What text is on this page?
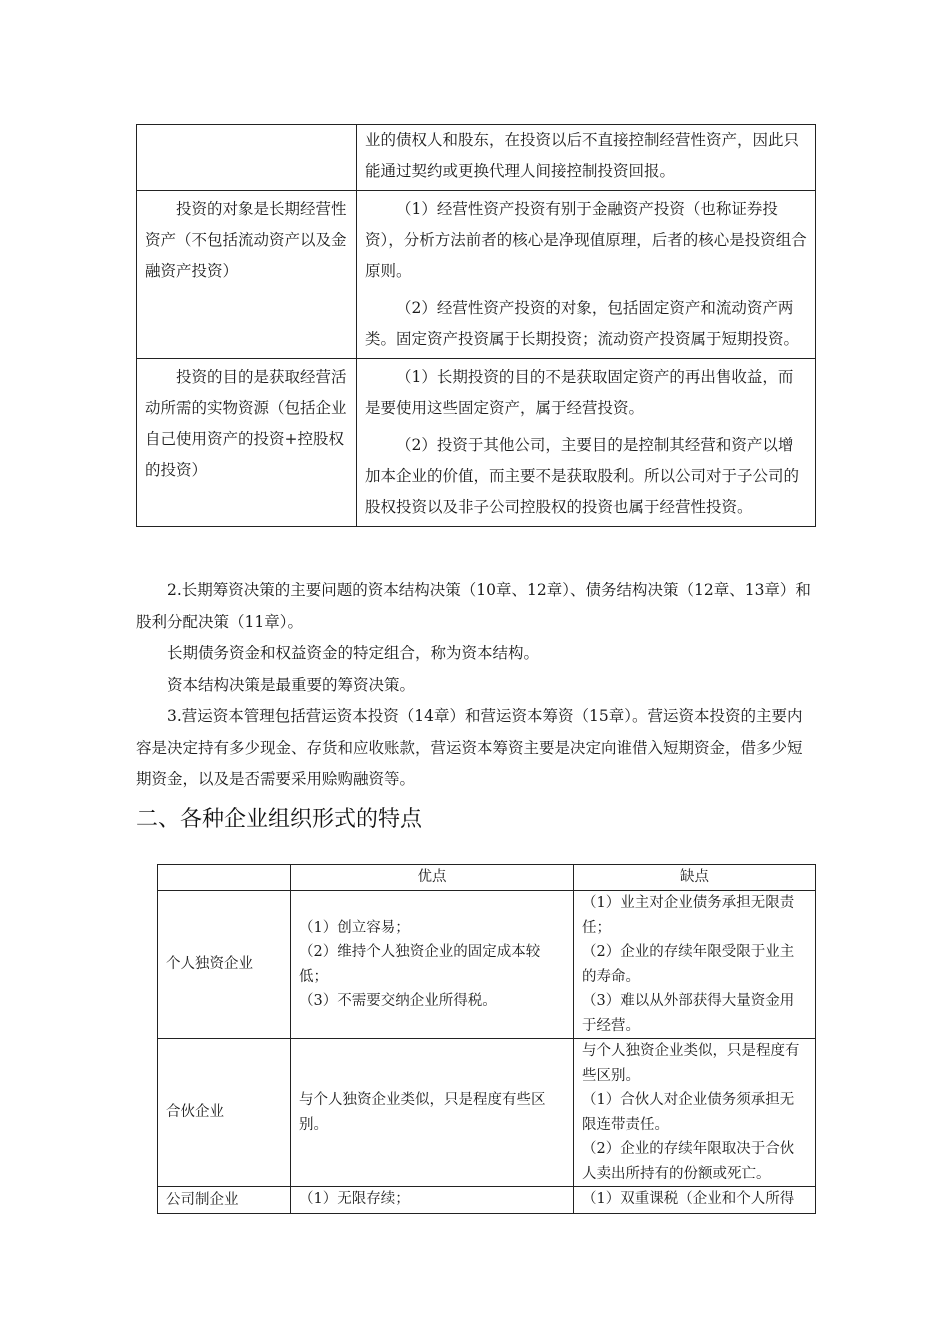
	业的债权人和股东，在投资以后不直接控制经营性资产，因此只能通过契约或更换代理人间接控制投资回报。

投资的对象是长期经营性资产（不包括流动资产以及金融资产投资）	（1）经营性资产投资有别于金融资产投资（也称证券投资），分析方法前者的核心是净现值原理，后者的核心是投资组合原则。

（2）经营性资产投资的对象，包括固定资产和流动资产两类。固定资产投资属于长期投资；流动资产投资属于短期投资。

投资的目的是获取经营活动所需的实物资源（包括企业自己使用资产的投资+控股权的投资）	（1）长期投资的目的不是获取固定资产的再出售收益，而是要使用这些固定资产，属于经营投资。

（2）投资于其他公司，主要目的是控制其经营和资产以增加本企业的价值，而主要不是获取股利。所以公司对于子公司的股权投资以及非子公司控股权的投资也属于经营性投资。

2.长期筹资决策的主要问题的资本结构决策（10章、12章）、债务结构决策（12章、13章）和股利分配决策（11章）。

长期债务资金和权益资金的特定组合，称为资本结构。

资本结构决策是最重要的筹资决策。

3.营运资本管理包括营运资本投资（14章）和营运资本筹资（15章）。营运资本投资的主要内容是决定持有多少现金、存货和应收账款，营运资本筹资主要是决定向谁借入短期资金，借多少短期资金，以及是否需要采用赊购融资等。

二、各种企业组织形式的特点
	优点	缺点
个人独资企业	（1）创立容易；
（2）维持个人独资企业的固定成本较低；
（3）不需要交纳企业所得税。	（1）业主对企业债务承担无限责任；
（2）企业的存续年限受限于业主的寿命。
（3）难以从外部获得大量资金用于经营。

合伙企业	与个人独资企业类似，只是程度有些区别。	与个人独资企业类似，只是程度有些区别。
（1）合伙人对企业债务须承担无限连带责任。
（2）企业的存续年限取决于合伙人卖出所持有的份额或死亡。

公司制企业	（1）无限存续；	（1）双重课税（企业和个人所得
